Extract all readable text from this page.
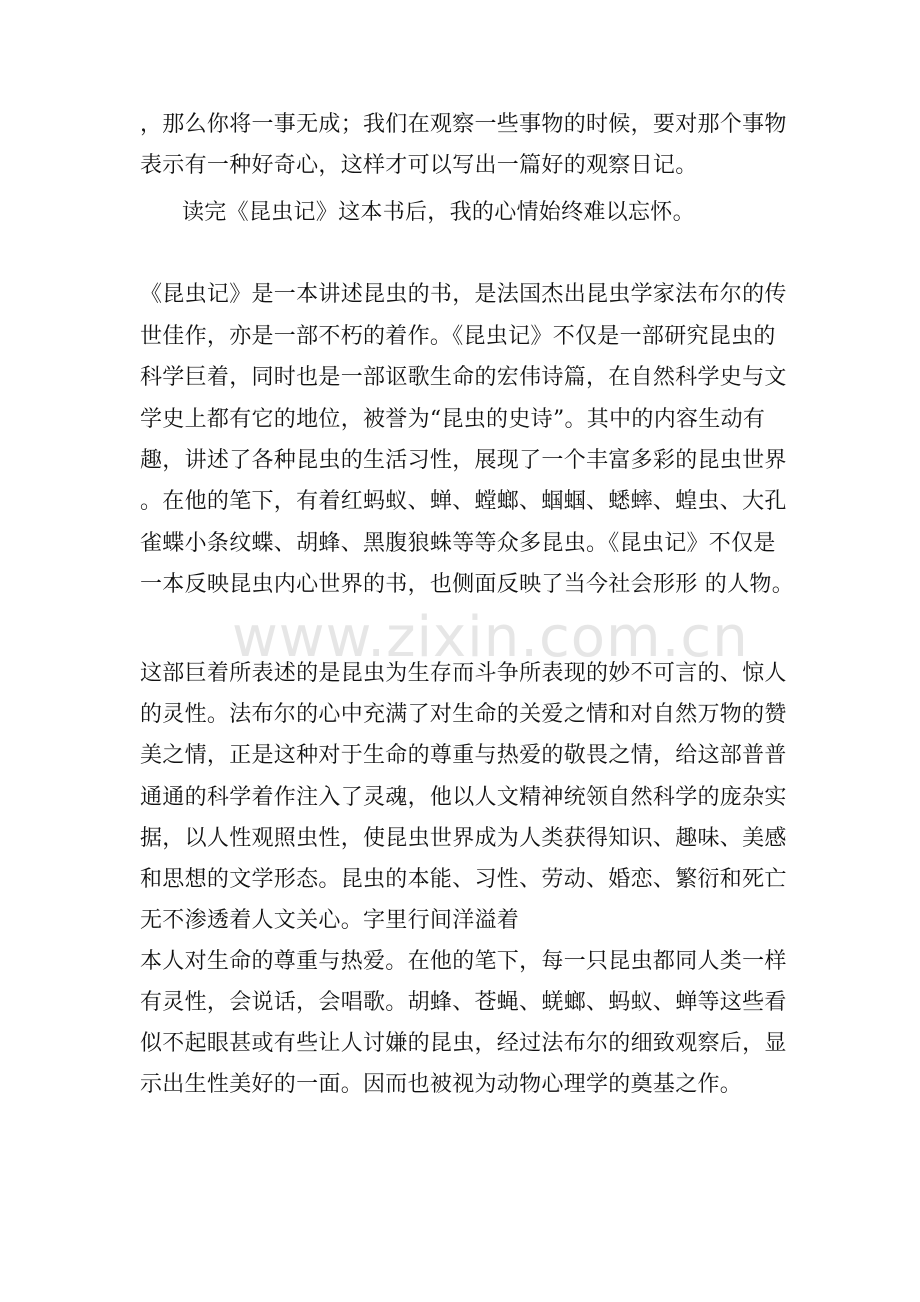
，那么你将一事无成；我们在观察一些事物的时候，要对那个事物
表示有一种好奇心，这样才可以写出一篇好的观察日记。
读完《昆虫记》这本书后，我的心情始终难以忘怀。
《昆虫记》是一本讲述昆虫的书，是法国杰出昆虫学家法布尔的传
世佳作，亦是一部不朽的着作。《昆虫记》不仅是一部研究昆虫的
科学巨着，同时也是一部讴歌生命的宏伟诗篇，在自然科学史与文
学史上都有它的地位，被誉为“昆虫的史诗”。其中的内容生动有
趣，讲述了各种昆虫的生活习性，展现了一个丰富多彩的昆虫世界
。在他的笔下，有着红蚂蚁、蝉、螳螂、蝈蝈、蟋蟀、蝗虫、大孔
雀蝶小条纹蝶、胡蜂、黑腹狼蛛等等众多昆虫。《昆虫记》不仅是
一本反映昆虫内心世界的书，也侧面反映了当今社会形形 的人物。
www.zixin.com.cn
这部巨着所表述的是昆虫为生存而斗争所表现的妙不可言的、惊人
的灵性。法布尔的心中充满了对生命的关爱之情和对自然万物的赞
美之情，正是这种对于生命的尊重与热爱的敬畏之情，给这部普普
通通的科学着作注入了灵魂，他以人文精神统领自然科学的庞杂实
据，以人性观照虫性，使昆虫世界成为人类获得知识、趣味、美感
和思想的文学形态。昆虫的本能、习性、劳动、婚恋、繁衍和死亡
无不渗透着人文关心。字里行间洋溢着
本人对生命的尊重与热爱。在他的笔下，每一只昆虫都同人类一样
有灵性，会说话，会唱歌。胡蜂、苍蝇、蜣螂、蚂蚁、蝉等这些看
似不起眼甚或有些让人讨嫌的昆虫，经过法布尔的细致观察后，显
示出生性美好的一面。因而也被视为动物心理学的奠基之作。
